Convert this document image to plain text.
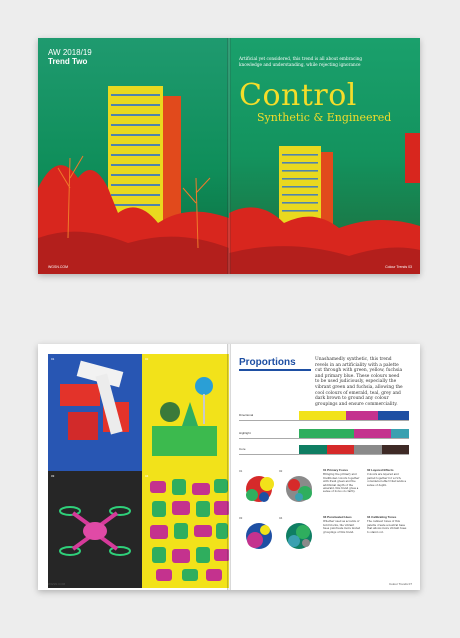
AW 2018/19
Trend Two
WGSN.COM
Artificial yet considered, this trend is all about embracing knowledge and understanding, while rejecting ignorance
Control
Synthetic & Engineered
Colour Trends 03
01	02
03	04
WGSN.COM
Proportions	Unashamedly synthetic, this trend revels in an artificiality with a palette cut through with green, yellow, fuchsia and primary blue. These colours need to be used judiciously, especially the vibrant green and fuchsia, allowing the cool colours of emerald, teal, grey and dark brown to ground any colour groupings and ensure commerciality.
Directional
Highlight
Core
01	02	01 Primary Focus
Bringing the primary and traditional colours together with fresh green and the additional depth of the emerald, this trend gives a sense of focus on clarity.
02 Layered Effects
Colours are layered and paired together for a rich, considered effect that lends a sense of depth.
03	04	03 Punctuated Hues
Whether used as accents or bold blocks, the vibrant hues punctuate more muted groupings of this trend.
04 Calibrating Tones
The calmest tones of this palette create a neutral base that allows more vibrant hues to stand out.
Colour Trends 07
